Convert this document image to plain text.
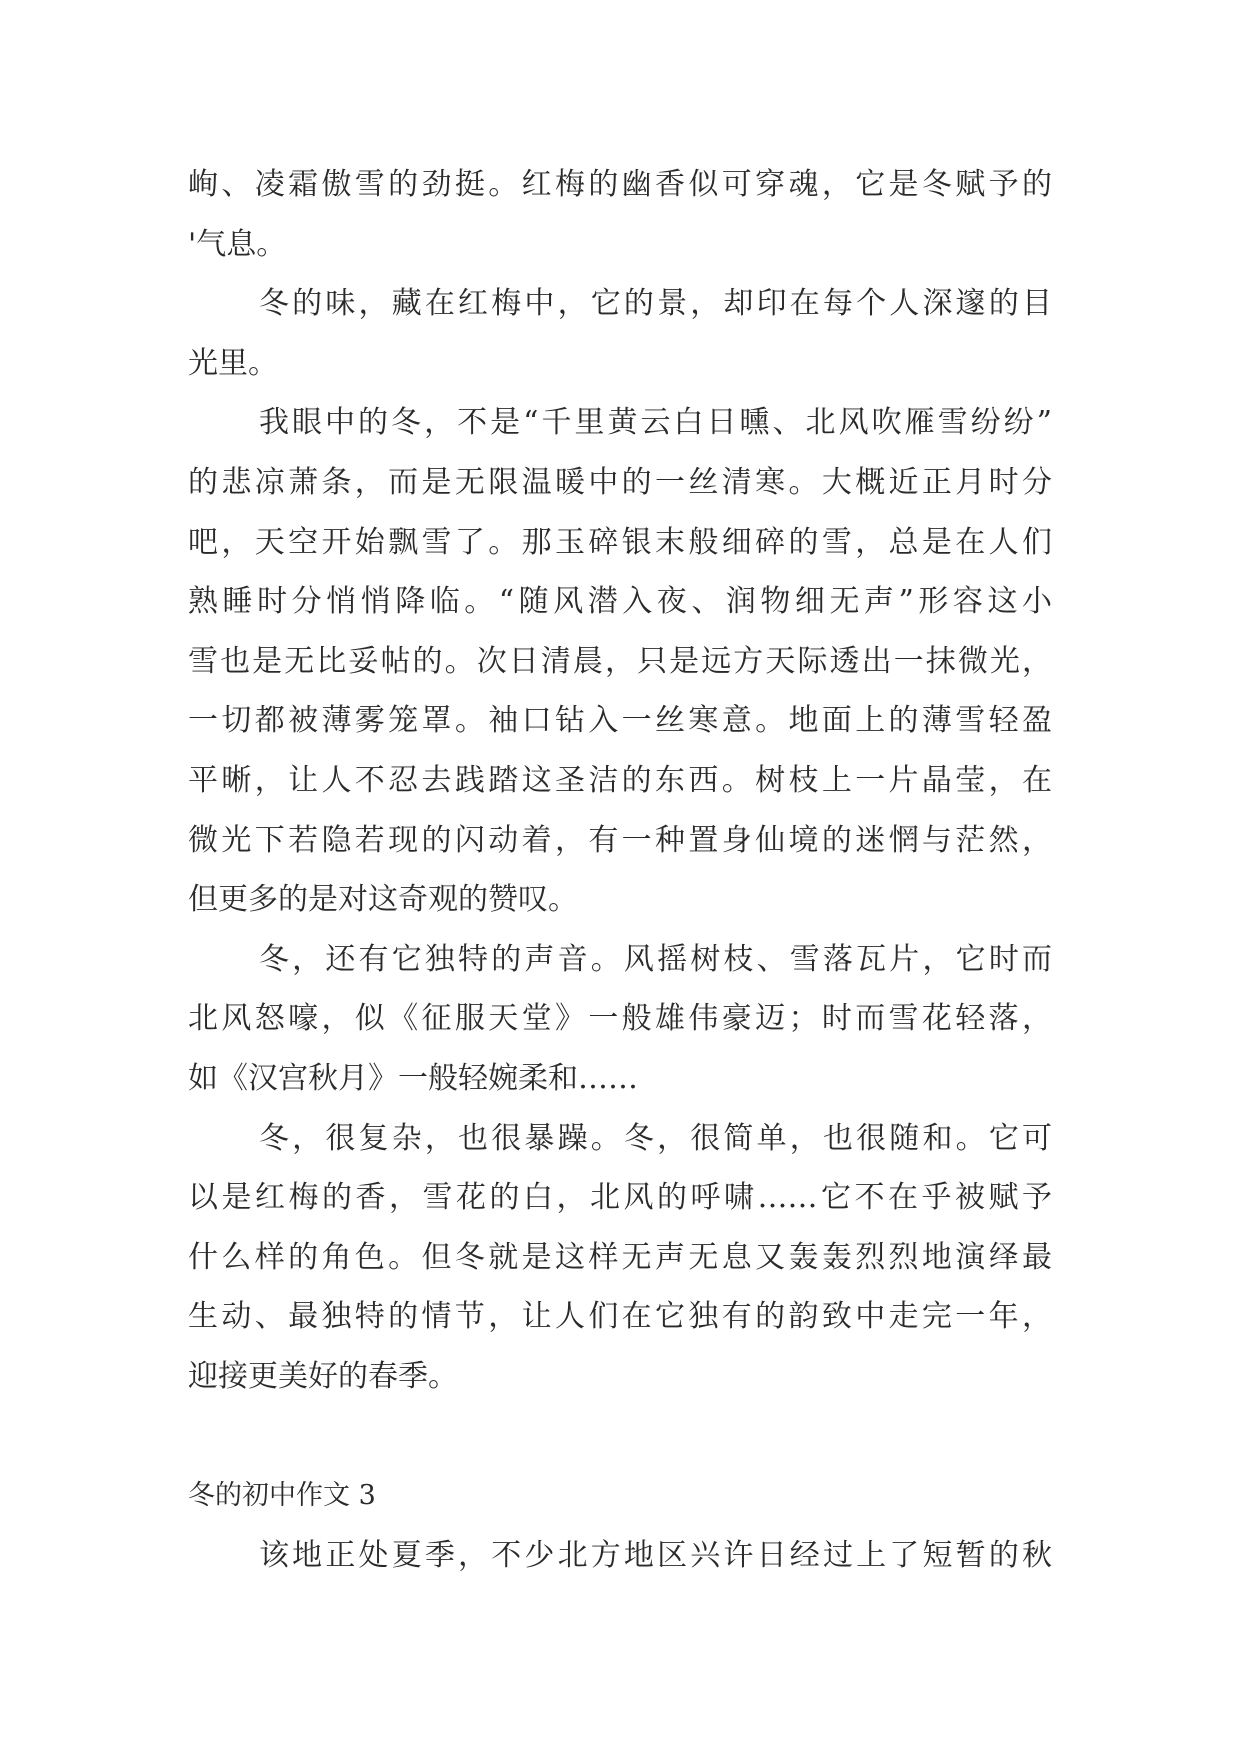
峋、凌霜傲雪的劲挺。红梅的幽香似可穿魂，它是冬赋予的
'气息。
冬的味，藏在红梅中，它的景，却印在每个人深邃的目
光里。
我眼中的冬，不是“千里黄云白日曛、北风吹雁雪纷纷”
的悲凉萧条，而是无限温暖中的一丝清寒。大概近正月时分
吧，天空开始飘雪了。那玉碎银末般细碎的雪，总是在人们
熟睡时分悄悄降临。“随风潜入夜、润物细无声”形容这小
雪也是无比妥帖的。次日清晨，只是远方天际透出一抹微光，
一切都被薄雾笼罩。袖口钻入一丝寒意。地面上的薄雪轻盈
平晰，让人不忍去践踏这圣洁的东西。树枝上一片晶莹，在
微光下若隐若现的闪动着，有一种置身仙境的迷惘与茫然，
但更多的是对这奇观的赞叹。
冬，还有它独特的声音。风摇树枝、雪落瓦片，它时而
北风怒嚎，似《征服天堂》一般雄伟豪迈；时而雪花轻落，
如《汉宫秋月》一般轻婉柔和……
冬，很复杂，也很暴躁。冬，很简单，也很随和。它可
以是红梅的香，雪花的白，北风的呼啸……它不在乎被赋予
什么样的角色。但冬就是这样无声无息又轰轰烈烈地演绎最
生动、最独特的情节，让人们在它独有的韵致中走完一年，
迎接更美好的春季。
冬的初中作文 3
该地正处夏季，不少北方地区兴许日经过上了短暂的秋
